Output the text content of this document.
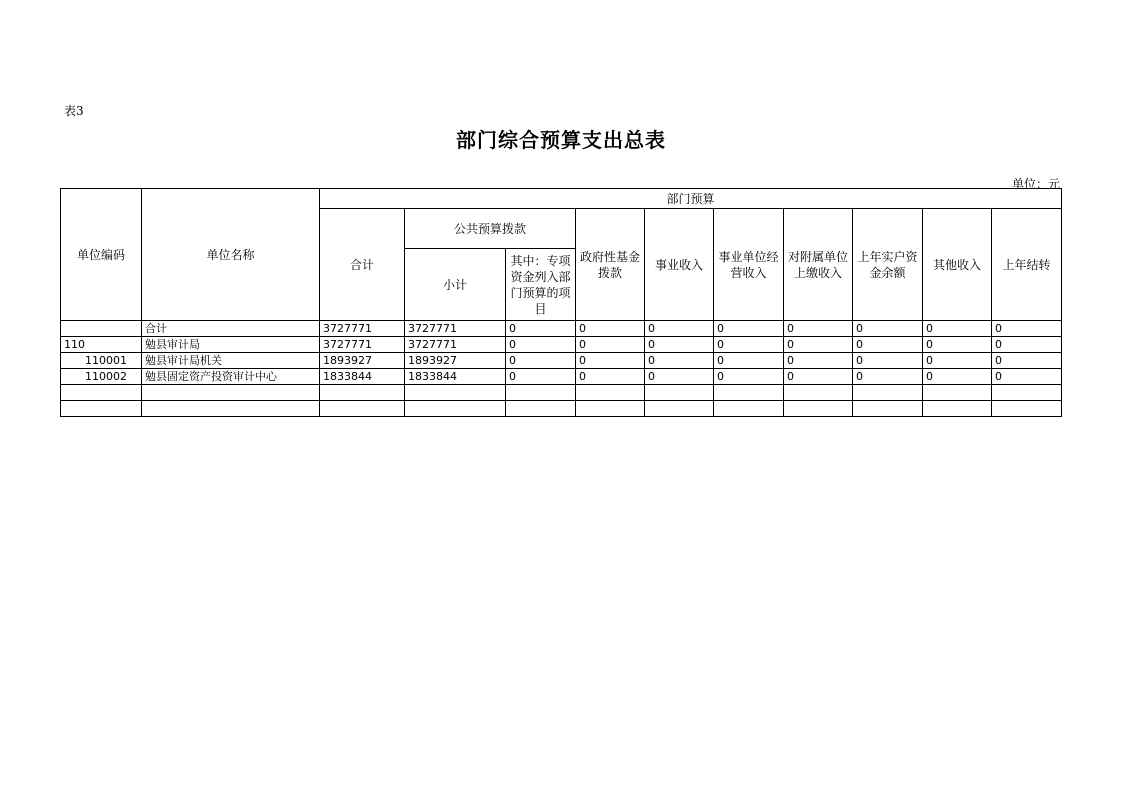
表3
部门综合预算支出总表
单位：元
单位编码	单位名称	部门预算									
		合计	公共预算拨款		政府性基金拨款	事业收入	事业单位经营收入	对附属单位上缴收入	上年实户资金余额	其他收入	上年结转
			小计	其中：专项资金列入部门预算的项目							
	合计	3727771	3727771	0	0	0	0	0	0	0	0
110	勉县审计局	3727771	3727771	0	0	0	0	0	0	0	0
110001	勉县审计局机关	1893927	1893927	0	0	0	0	0	0	0	0
110002	勉县固定资产投资审计中心	1833844	1833844	0	0	0	0	0	0	0	0
